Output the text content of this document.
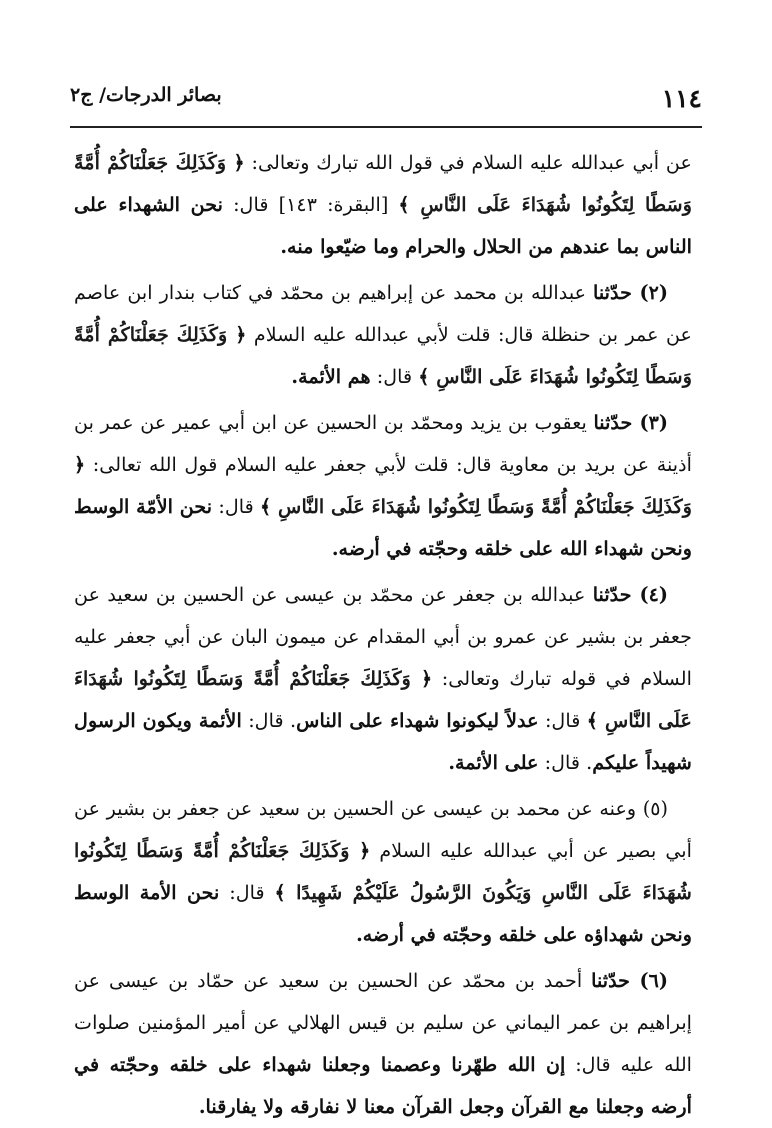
١١٤
بصائر الدرجات/ ج٢

عن أبي عبدالله عليه السلام في قول الله تبارك وتعالى: ﴿ وَكَذَلِكَ جَعَلْنَاكُمْ أُمَّةً وَسَطًا لِتَكُونُوا شُهَدَاءَ عَلَى النَّاسِ ﴾ [البقرة: ١٤٣] قال: نحن الشهداء على الناس بما عندهم من الحلال والحرام وما ضيّعوا منه.

(٢) حدّثنا عبدالله بن محمد عن إبراهيم بن محمّد في كتاب بندار ابن عاصم عن عمر بن حنظلة قال: قلت لأبي عبدالله عليه السلام ﴿ وَكَذَلِكَ جَعَلْنَاكُمْ أُمَّةً وَسَطًا لِتَكُونُوا شُهَدَاءَ عَلَى النَّاسِ ﴾ قال: هم الأئمة.

(٣) حدّثنا يعقوب بن يزيد ومحمّد بن الحسين عن ابن أبي عمير عن عمر بن أذينة عن بريد بن معاوية قال: قلت لأبي جعفر عليه السلام قول الله تعالى: ﴿ وَكَذَلِكَ جَعَلْنَاكُمْ أُمَّةً وَسَطًا لِتَكُونُوا شُهَدَاءَ عَلَى النَّاسِ ﴾ قال: نحن الأمّة الوسط ونحن شهداء الله على خلقه وحجّته في أرضه.

(٤) حدّثنا عبدالله بن جعفر عن محمّد بن عيسى عن الحسين بن سعيد عن جعفر بن بشير عن عمرو بن أبي المقدام عن ميمون البان عن أبي جعفر عليه السلام في قوله تبارك وتعالى: ﴿ وَكَذَلِكَ جَعَلْنَاكُمْ أُمَّةً وَسَطًا لِتَكُونُوا شُهَدَاءَ عَلَى النَّاسِ ﴾ قال: عدلاً ليكونوا شهداء على الناس. قال: الأئمة ويكون الرسول شهيداً عليكم. قال: على الأئمة.

(٥) وعنه عن محمد بن عيسى عن الحسين بن سعيد عن جعفر بن بشير عن أبي بصير عن أبي عبدالله عليه السلام ﴿ وَكَذَلِكَ جَعَلْنَاكُمْ أُمَّةً وَسَطًا لِتَكُونُوا شُهَدَاءَ عَلَى النَّاسِ وَيَكُونَ الرَّسُولُ عَلَيْكُمْ شَهِيدًا ﴾ قال: نحن الأمة الوسط ونحن شهداؤه على خلقه وحجّته في أرضه.

(٦) حدّثنا أحمد بن محمّد عن الحسين بن سعيد عن حمّاد بن عيسى عن إبراهيم بن عمر اليماني عن سليم بن قيس الهلالي عن أمير المؤمنين صلوات الله عليه قال: إن الله طهّرنا وعصمنا وجعلنا شهداء على خلقه وحجّته في أرضه وجعلنا مع القرآن وجعل القرآن معنا لا نفارقه ولا يفارقنا.
